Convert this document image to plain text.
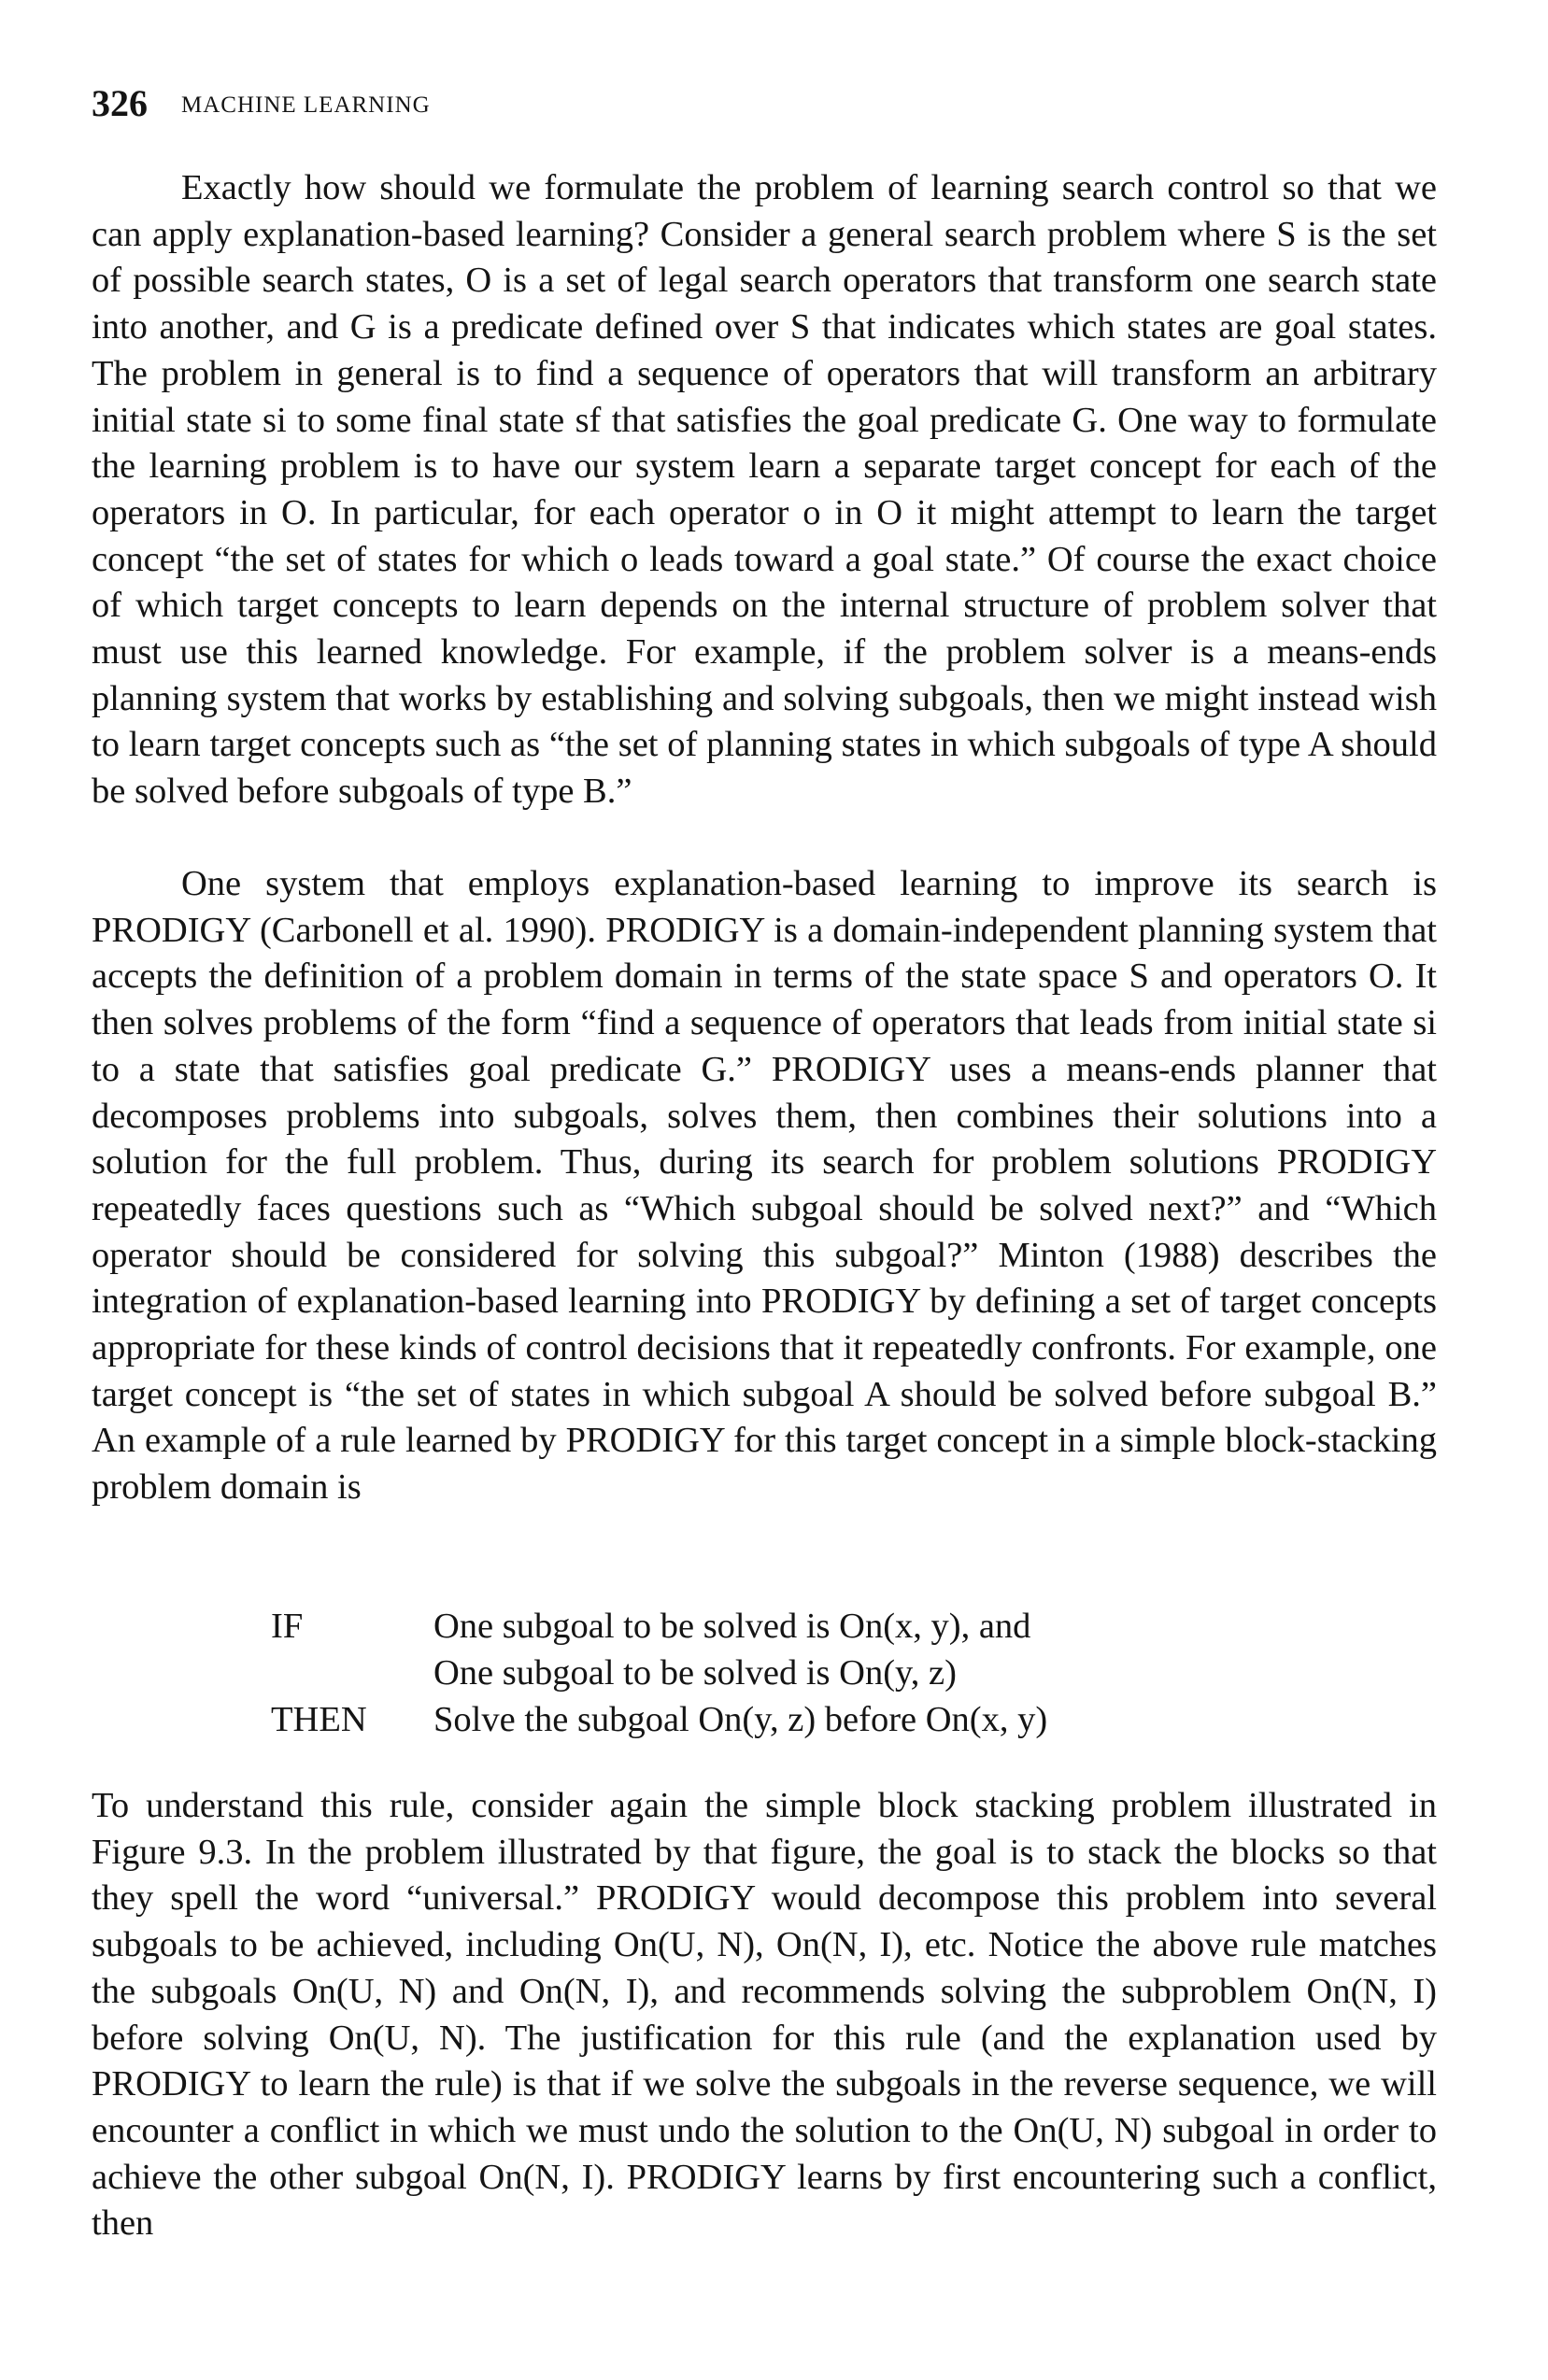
326 MACHINE LEARNING

Exactly how should we formulate the problem of learning search control so that we can apply explanation-based learning? Consider a general search problem where S is the set of possible search states, O is a set of legal search operators that transform one search state into another, and G is a predicate defined over S that indicates which states are goal states. The problem in general is to find a sequence of operators that will transform an arbitrary initial state si to some final state sf that satisfies the goal predicate G. One way to formulate the learning problem is to have our system learn a separate target concept for each of the operators in O. In particular, for each operator o in O it might attempt to learn the target concept “the set of states for which o leads toward a goal state.” Of course the exact choice of which target concepts to learn depends on the internal structure of problem solver that must use this learned knowledge. For example, if the problem solver is a means-ends planning system that works by establishing and solving subgoals, then we might instead wish to learn target concepts such as “the set of planning states in which subgoals of type A should be solved before subgoals of type B.”

One system that employs explanation-based learning to improve its search is PRODIGY (Carbonell et al. 1990). PRODIGY is a domain-independent planning system that accepts the definition of a problem domain in terms of the state space S and operators O. It then solves problems of the form “find a sequence of operators that leads from initial state si to a state that satisfies goal predicate G.” PRODIGY uses a means-ends planner that decomposes problems into subgoals, solves them, then combines their solutions into a solution for the full problem. Thus, during its search for problem solutions PRODIGY repeatedly faces questions such as “Which subgoal should be solved next?” and “Which operator should be considered for solving this subgoal?” Minton (1988) describes the integration of explanation-based learning into PRODIGY by defining a set of target concepts appropriate for these kinds of control decisions that it repeatedly confronts. For example, one target concept is “the set of states in which subgoal A should be solved before subgoal B.” An example of a rule learned by PRODIGY for this target concept in a simple block-stacking problem domain is

IF	One subgoal to be solved is On(x, y), and
One subgoal to be solved is On(y, z)
THEN Solve the subgoal On(y, z) before On(x, y)

To understand this rule, consider again the simple block stacking problem illustrated in Figure 9.3. In the problem illustrated by that figure, the goal is to stack the blocks so that they spell the word “universal.” PRODIGY would decompose this problem into several subgoals to be achieved, including On(U, N), On(N, I), etc. Notice the above rule matches the subgoals On(U, N) and On(N, I), and recommends solving the subproblem On(N, I) before solving On(U, N). The justification for this rule (and the explanation used by PRODIGY to learn the rule) is that if we solve the subgoals in the reverse sequence, we will encounter a conflict in which we must undo the solution to the On(U, N) subgoal in order to achieve the other subgoal On(N, I). PRODIGY learns by first encountering such a conflict, then
